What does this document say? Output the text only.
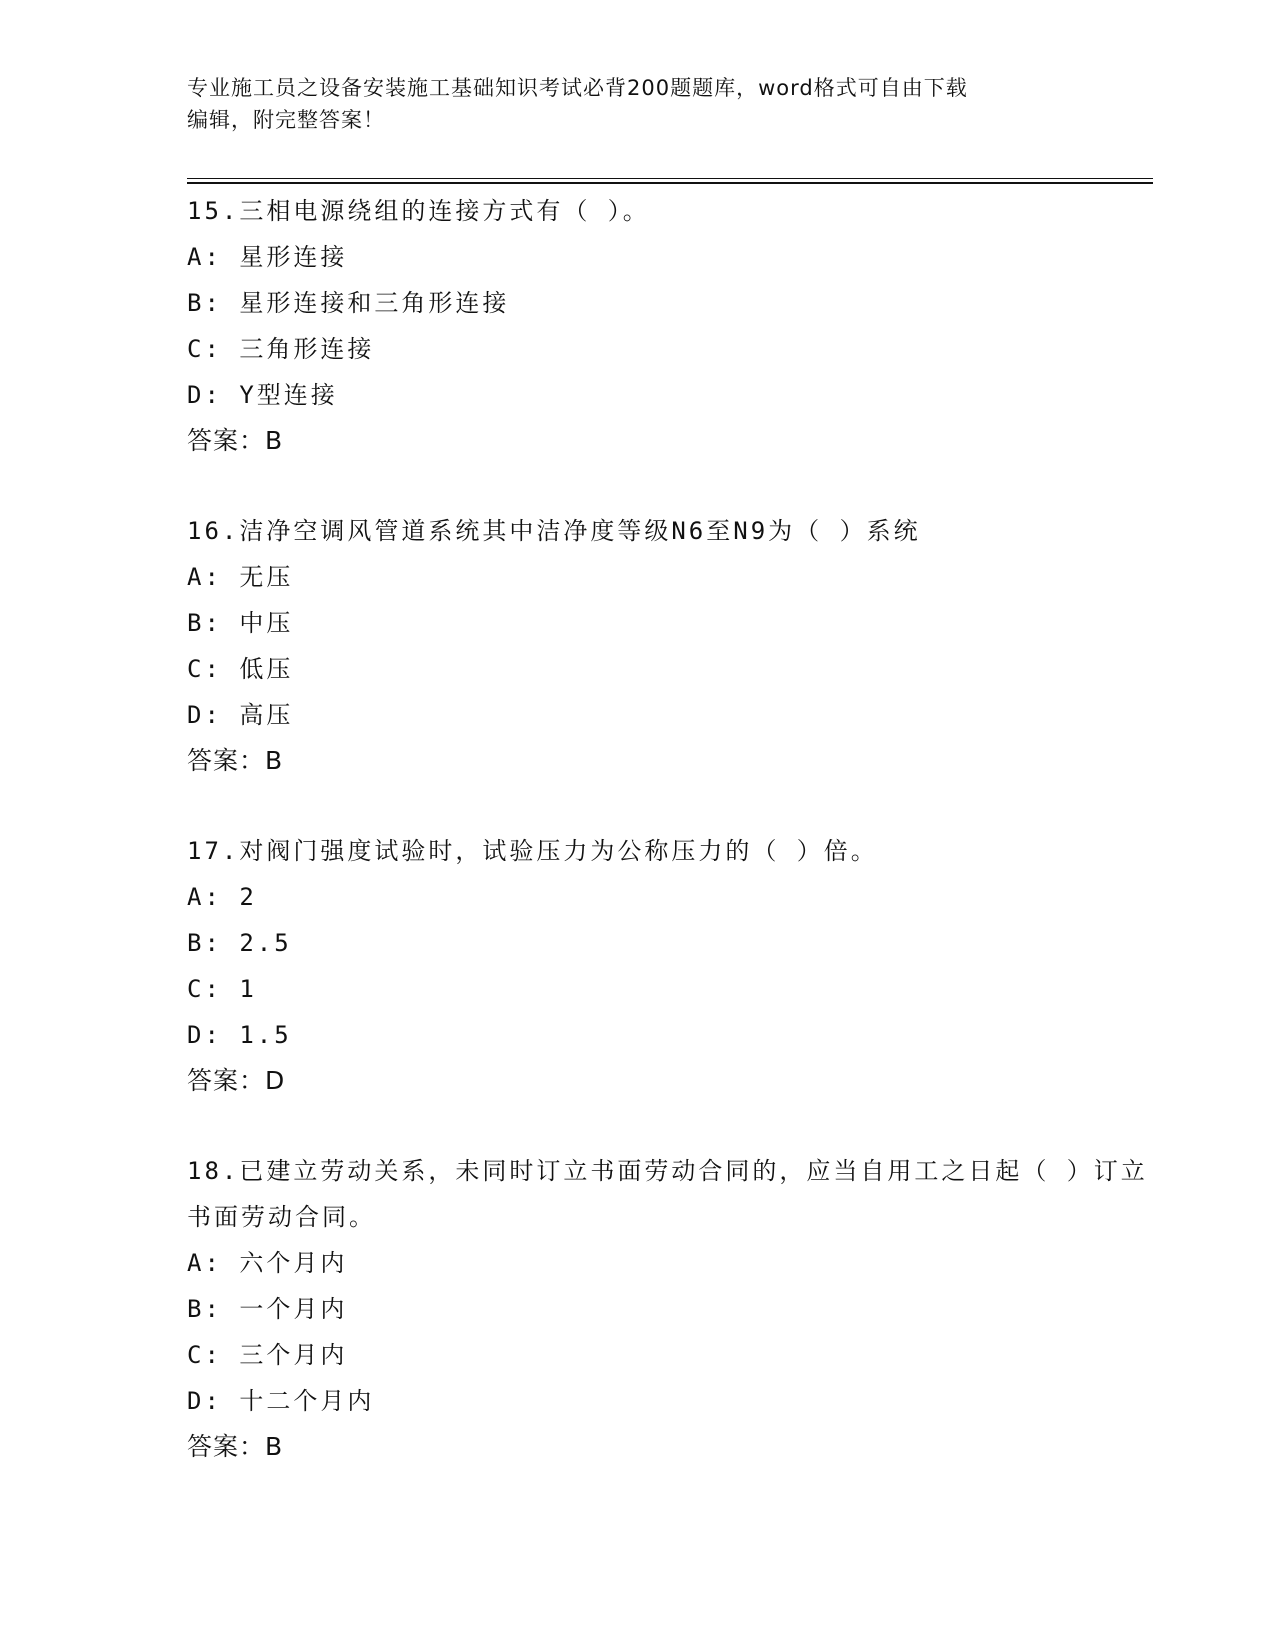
专业施工员之设备安装施工基础知识考试必背200题题库，word格式可自由下载
编辑，附完整答案！
15.三相电源绕组的连接方式有（ ）。
A: 星形连接
B: 星形连接和三角形连接
C: 三角形连接
D: Y型连接
答案：B
16.洁净空调风管道系统其中洁净度等级N6至N9为（ ）系统
A: 无压
B: 中压
C: 低压
D: 高压
答案：B
17.对阀门强度试验时，试验压力为公称压力的（ ）倍。
A: 2
B: 2.5
C: 1
D: 1.5
答案：D
18.已建立劳动关系，未同时订立书面劳动合同的，应当自用工之日起（ ）订立书面劳动合同。
A: 六个月内
B: 一个月内
C: 三个月内
D: 十二个月内
答案：B
